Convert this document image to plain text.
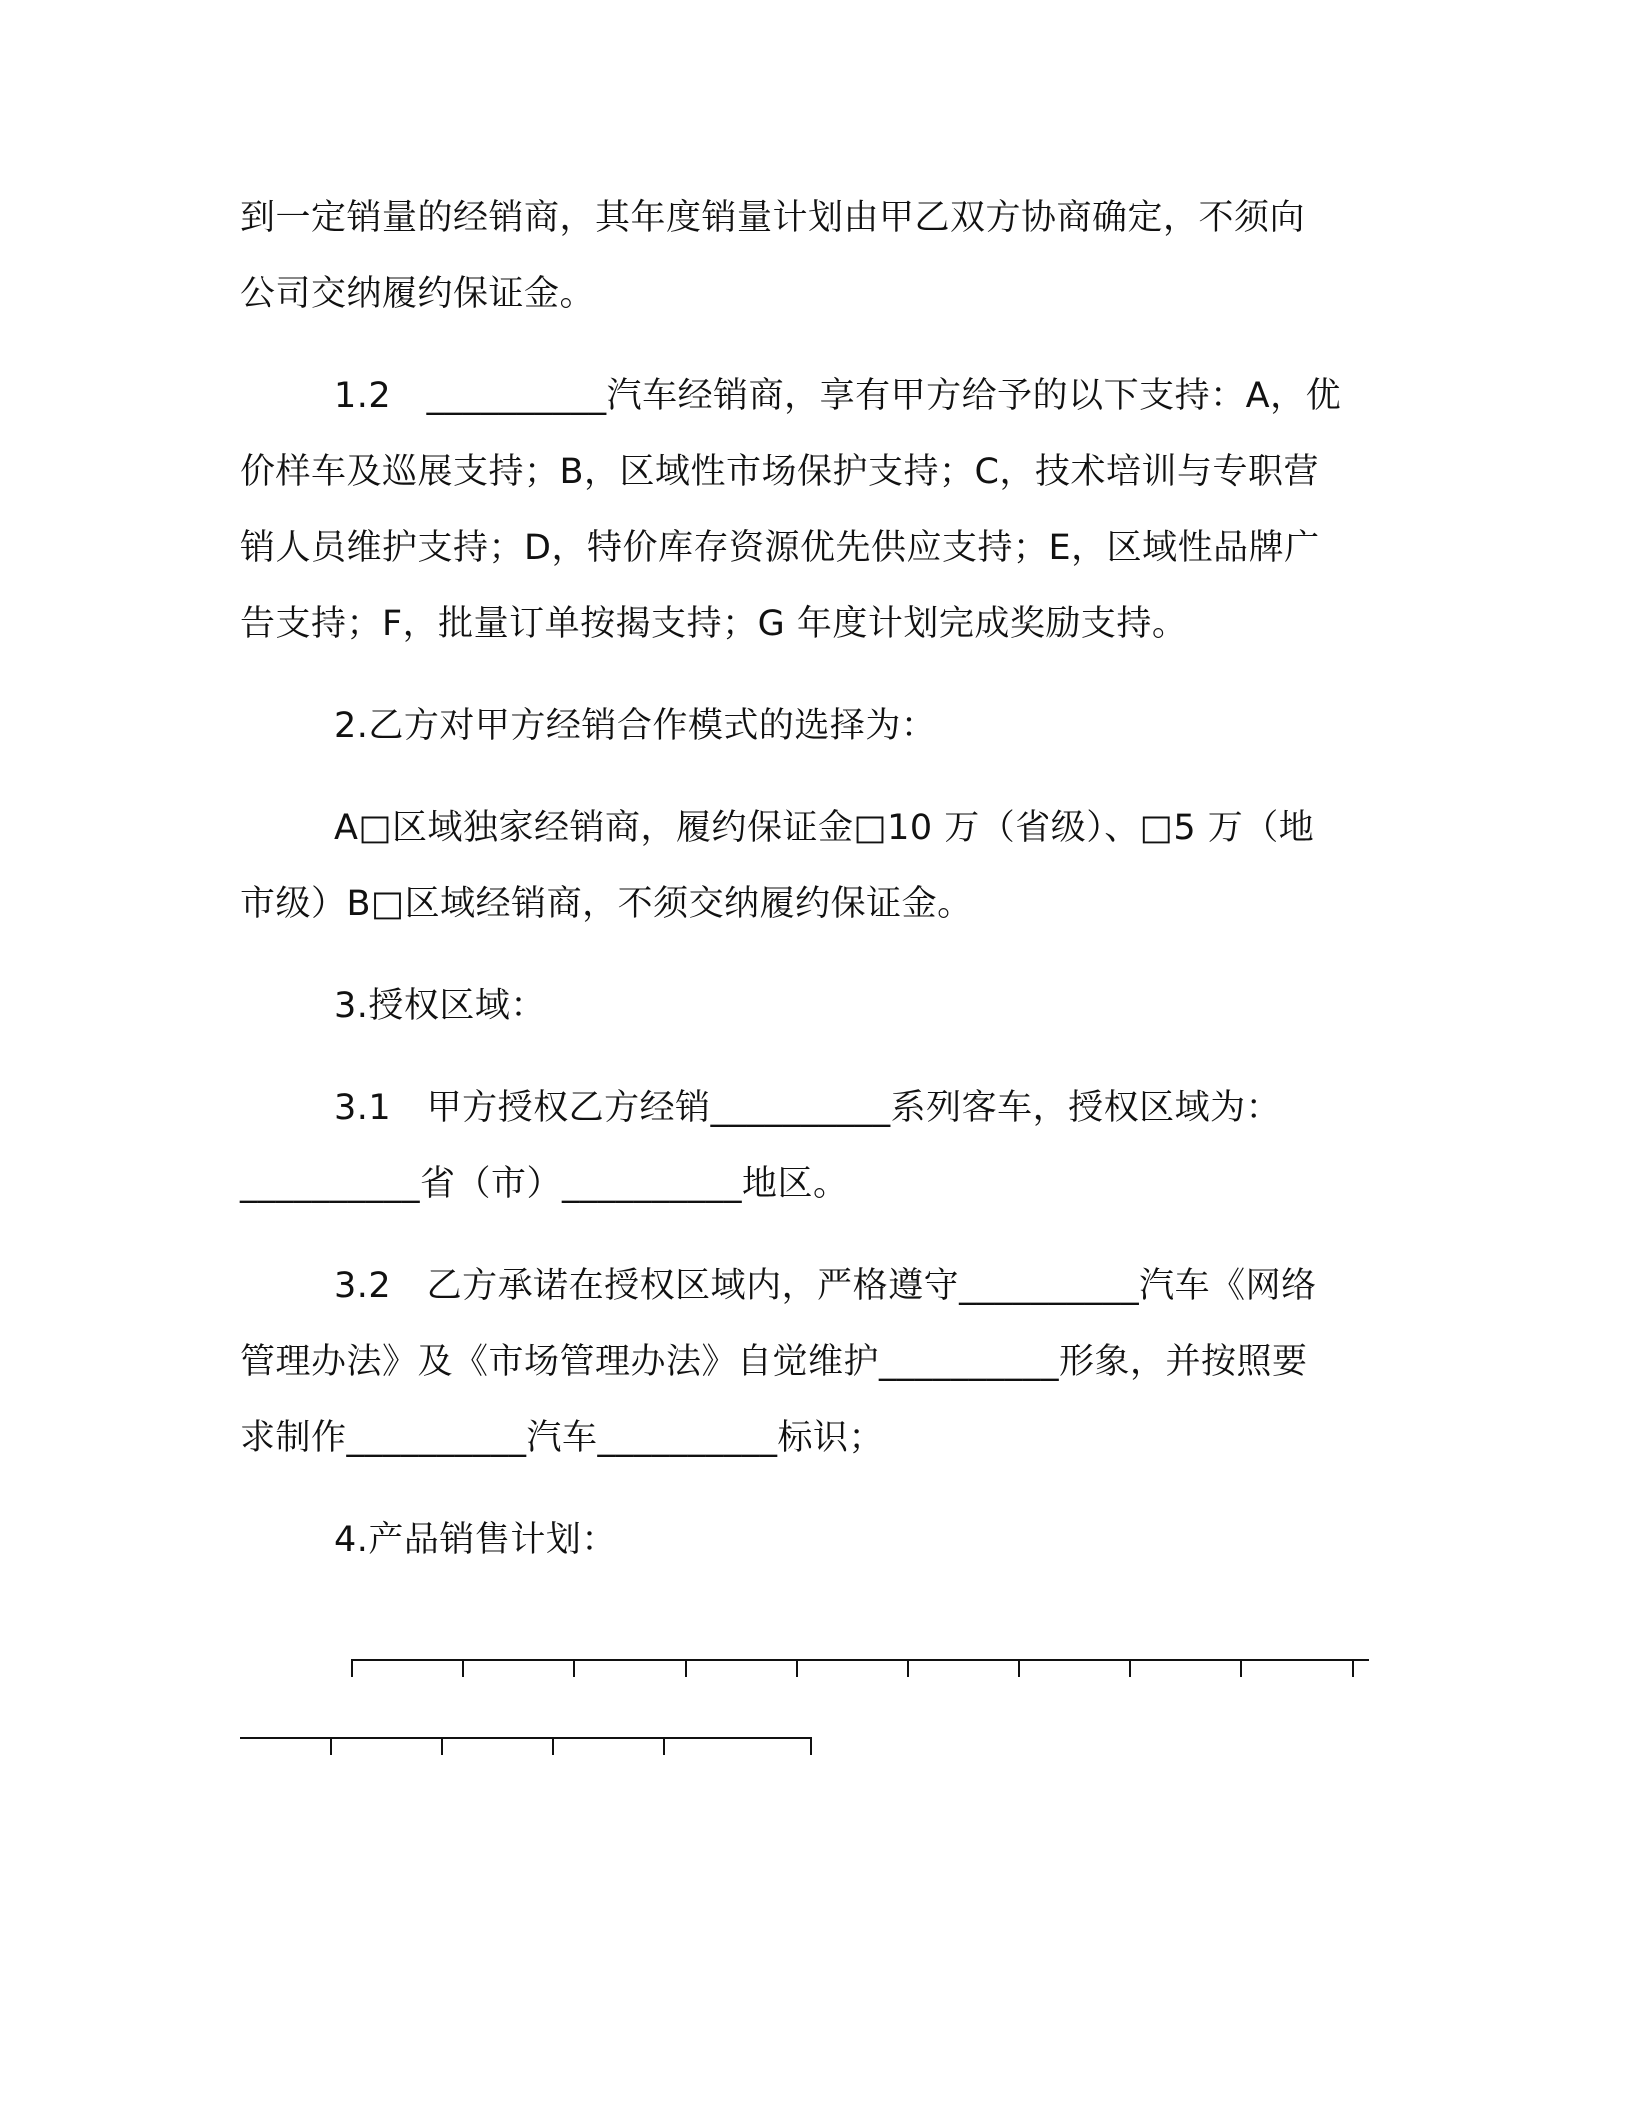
到一定销量的经销商，其年度销量计划由甲乙双方协商确定，不须向
公司交纳履约保证金。
1.2　__________汽车经销商，享有甲方给予的以下支持：A，优
价样车及巡展支持；B，区域性市场保护支持；C，技术培训与专职营
销人员维护支持；D，特价库存资源优先供应支持；E，区域性品牌广
告支持；F，批量订单按揭支持；G 年度计划完成奖励支持。
2.乙方对甲方经销合作模式的选择为：
A□区域独家经销商，履约保证金□10 万（省级）、□5 万（地
市级）B□区域经销商，不须交纳履约保证金。
3.授权区域：
3.1　甲方授权乙方经销__________系列客车，授权区域为：
__________省（市）__________地区。
3.2　乙方承诺在授权区域内，严格遵守__________汽车《网络
管理办法》及《市场管理办法》自觉维护__________形象，并按照要
求制作__________汽车__________标识；
4.产品销售计划：
